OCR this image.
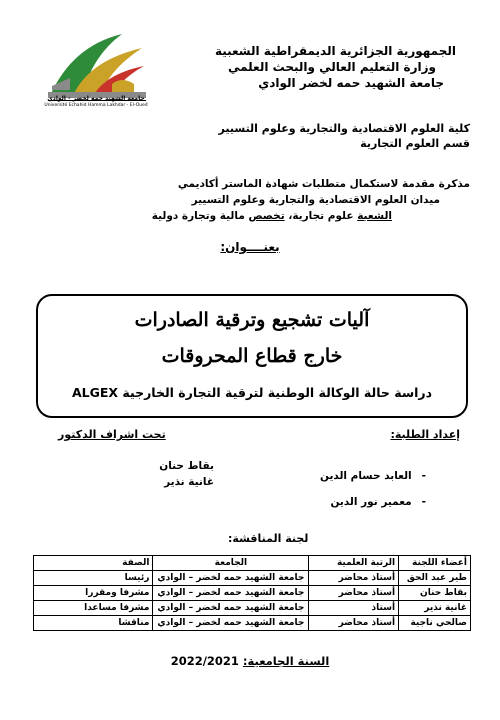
الجمهورية الجزائرية الديمقراطية الشعبية
وزارة التعليم العالي والبحث العلمي
جامعة الشهيد حمه لخضر الوادي
جامعة الشهيد حمه لخضر - الوادي
Université Echahid Hamma Lakhdar - El-Oued
كلية العلوم الاقتصادية والتجارية وعلوم التسيير
قسم العلوم التجارية
مذكرة مقدمة لاستكمال متطلبات شهادة الماستر أكاديمي
ميدان العلوم الاقتصادية والتجارية وعلوم التسيير
الشعبة علوم تجارية، تخصص مالية وتجارة دولية
بعنــــوان:
آليات تشجيع وترقية الصادرات
خارج قطاع المحروقات
دراسة حالة الوكالة الوطنية لترقية التجارة الخارجية ALGEX
إعداد الطلبة:
تحت اشراف الدكتور
-العابد حسام الدين
-معمير نور الدين
بقاط حنان
غانية نذير
لجنة المناقشة:
أعضاء اللجنة	الرتبة العلمية	الجامعة	الصفة
طير عبد الحق	أستاذ محاضر	جامعة الشهيد حمه لخضر – الوادي	رئيسا
بقاط حنان	أستاذ محاضر	جامعة الشهيد حمه لخضر – الوادي	مشرفا ومقررا
غانية نذير	أستاذ	جامعة الشهيد حمه لخضر – الوادي	مشرفا مساعدا
صالحي ناجية	أستاذ محاضر	جامعة الشهيد حمه لخضر – الوادي	مناقشا
السنة الجامعية: 2022/2021
